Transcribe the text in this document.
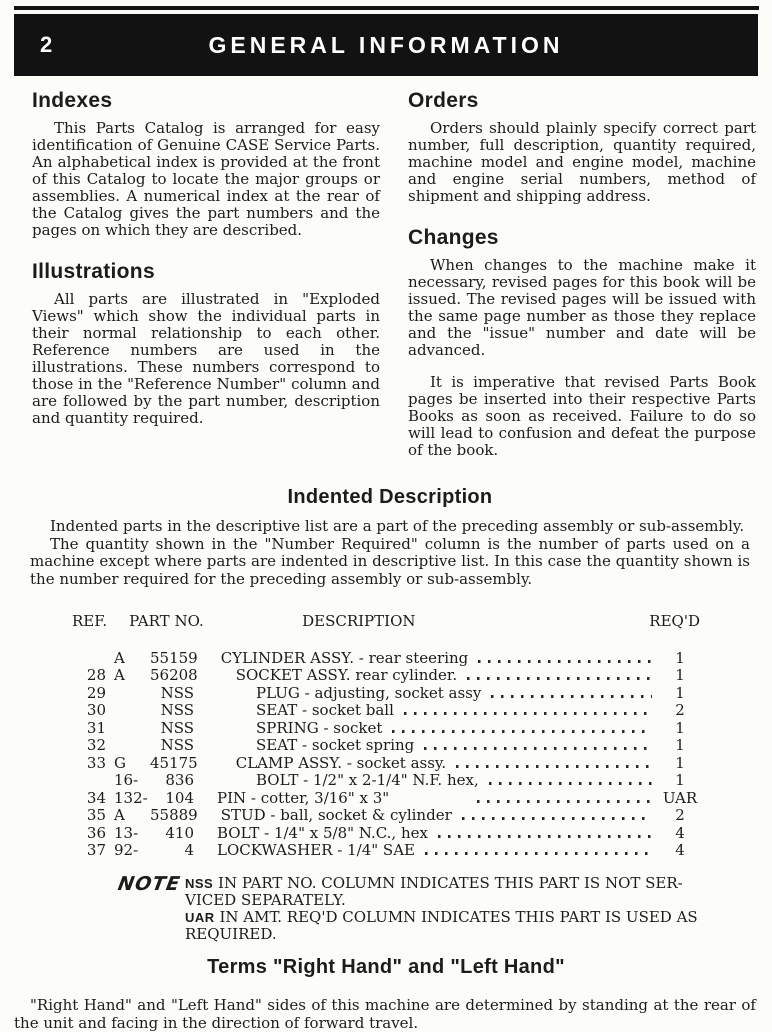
2	GENERAL INFORMATION
Indexes

This Parts Catalog is arranged for easy identification of Genuine CASE Service Parts. An alphabetical index is provided at the front of this Catalog to locate the major groups or assemblies. A numerical index at the rear of the Catalog gives the part numbers and the pages on which they are described.

Illustrations

All parts are illustrated in "Exploded Views" which show the individual parts in their normal relationship to each other. Reference numbers are used in the illustrations. These numbers correspond to those in the "Reference Number" column and are followed by the part number, description and quantity required.

Orders

Orders should plainly specify correct part number, full description, quantity required, machine model and engine model, machine and engine serial numbers, method of shipment and shipping address.

Changes

When changes to the machine make it necessary, revised pages for this book will be issued. The revised pages will be issued with the same page number as those they replace and the "issue" number and date will be advanced.

It is imperative that revised Parts Book pages be inserted into their respective Parts Books as soon as received. Failure to do so will lead to confusion and defeat the purpose of the book.

Indented Description

Indented parts in the descriptive list are a part of the preceding assembly or sub-assembly.

The quantity shown in the "Number Required" column is the number of parts used on a machine except where parts are indented in descriptive list. In this case the quantity shown is the number required for the preceding assembly or sub-assembly.

REF.	PART NO.	DESCRIPTION	REQ'D
A	55159 CYLINDER ASSY. - rear steering	1
28 A	56208	SOCKET ASSY. rear cylinder.	1
29	NSS	PLUG - adjusting, socket assy	1
30	NSS	SEAT - socket ball	2
31	NSS	SPRING - socket	1
32	NSS	SEAT - socket spring	1
33 G	45175	CLAMP ASSY. - socket assy.	1
16-	836	BOLT - 1/2" x 2-1/4" N.F. hex,	1
34 132-	104 PIN - cotter, 3/16" x 3"	UAR
35 A	55889 STUD - ball, socket & cylinder	2
36 13-	410 BOLT - 1/4" x 5/8" N.C., hex	4
37 92-	4 LOCKWASHER - 1/4" SAE	4
NOTE NSS IN PART NO. COLUMN INDICATES THIS PART IS NOT SER-
VICED SEPARATELY.
UAR IN AMT. REQ'D COLUMN INDICATES THIS PART IS USED AS
REQUIRED.
Terms "Right Hand" and "Left Hand"

"Right Hand" and "Left Hand" sides of this machine are determined by standing at the rear of the unit and facing in the direction of forward travel.
